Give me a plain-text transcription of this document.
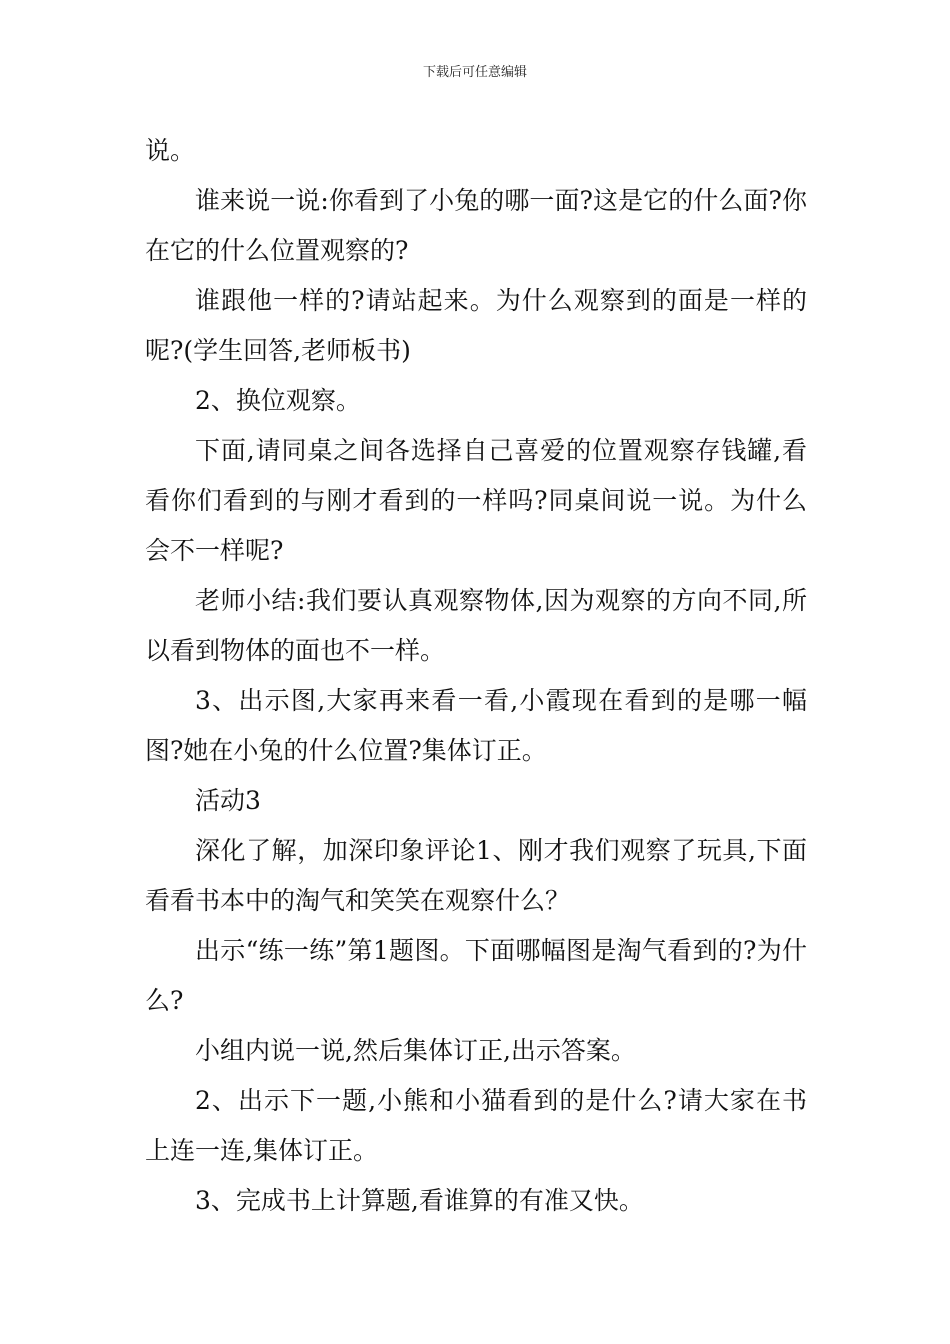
下载后可任意编辑

说。

谁来说一说:你看到了小兔的哪一面?这是它的什么面?你在它的什么位置观察的?

谁跟他一样的?请站起来。为什么观察到的面是一样的呢?(学生回答,老师板书)

2、换位观察。

下面,请同桌之间各选择自己喜爱的位置观察存钱罐,看看你们看到的与刚才看到的一样吗?同桌间说一说。为什么会不一样呢?

老师小结:我们要认真观察物体,因为观察的方向不同,所以看到物体的面也不一样。

3、出示图,大家再来看一看,小霞现在看到的是哪一幅图?她在小兔的什么位置?集体订正。

活动3

深化了解，加深印象评论1、刚才我们观察了玩具,下面看看书本中的淘气和笑笑在观察什么？

出示“练一练”第1题图。下面哪幅图是淘气看到的?为什么?

小组内说一说,然后集体订正,出示答案。

2、出示下一题,小熊和小猫看到的是什么?请大家在书上连一连,集体订正。

3、完成书上计算题,看谁算的有准又快。
